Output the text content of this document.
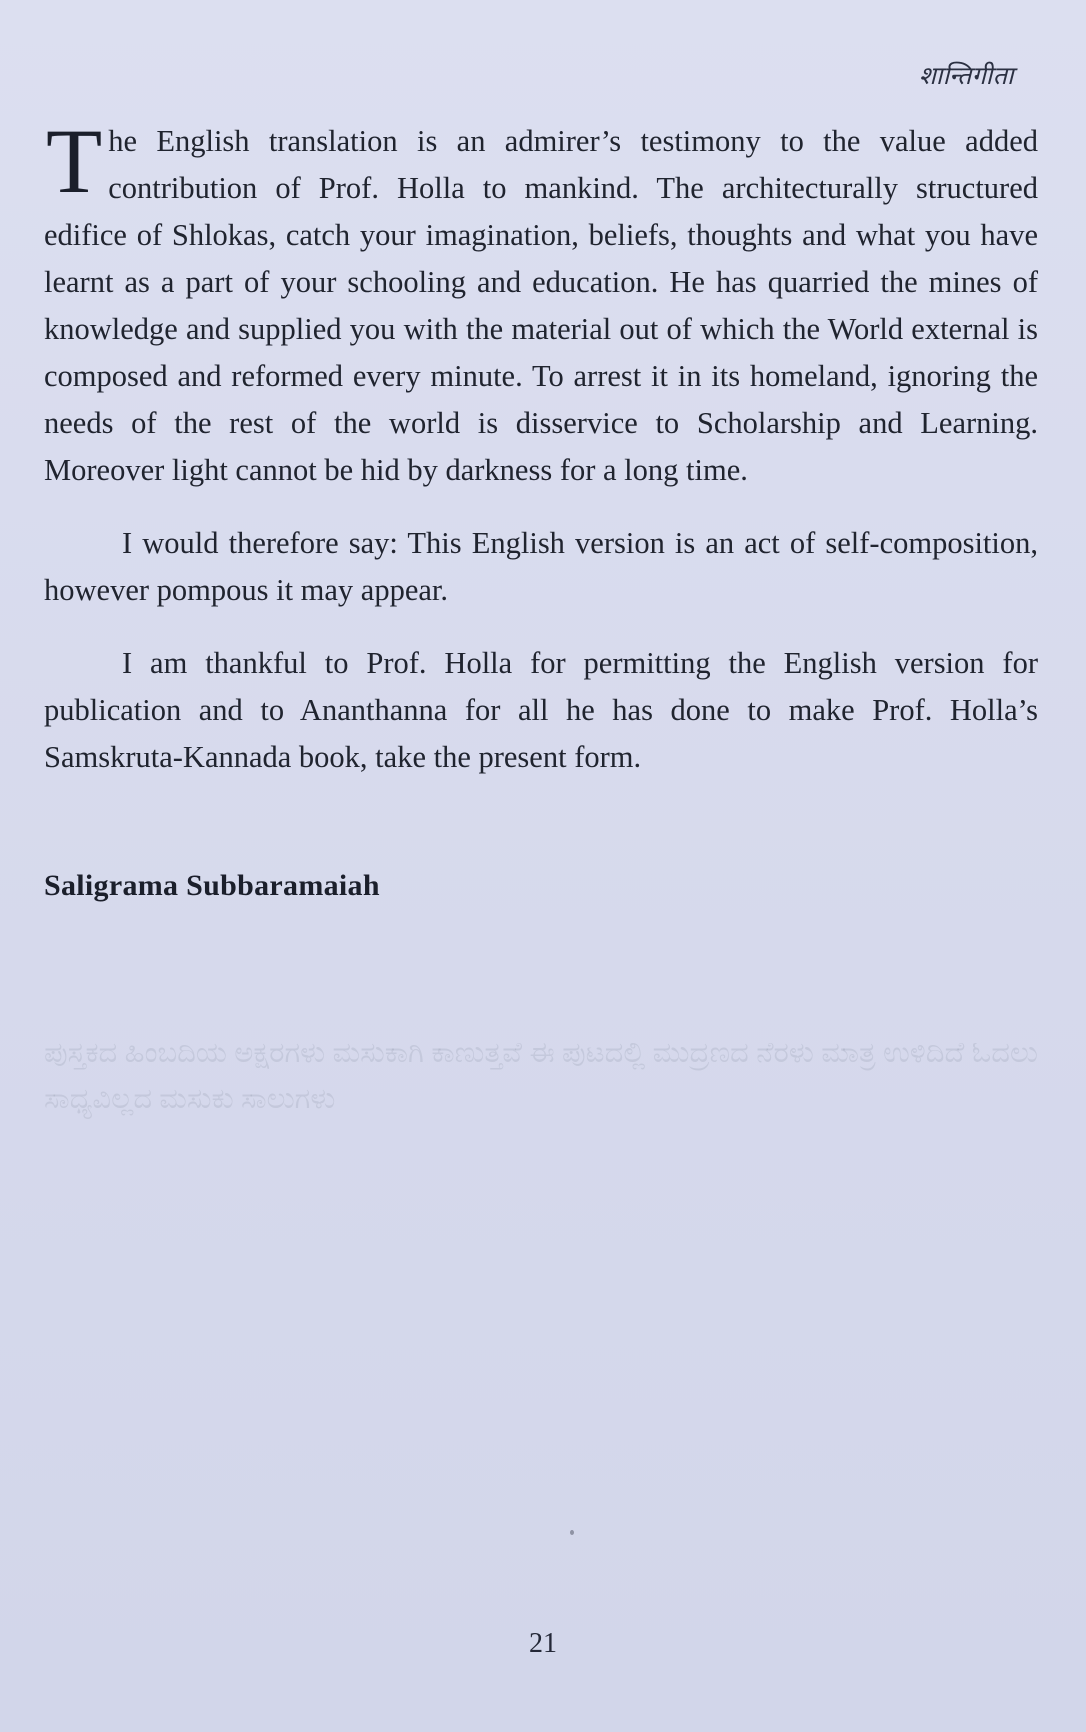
शान्तिगीता

The English translation is an admirer’s testimony to the value added contribution of Prof. Holla to mankind. The architecturally structured edifice of Shlokas, catch your imagination, beliefs, thoughts and what you have learnt as a part of your schooling and education. He has quarried the mines of knowledge and supplied you with the material out of which the World external is composed and reformed every minute. To arrest it in its homeland, ignoring the needs of the rest of the world is disservice to Scholarship and Learning. Moreover light cannot be hid by darkness for a long time.

I would therefore say: This English version is an act of self-composition, however pompous it may appear.

I am thankful to Prof. Holla for permitting the English version for publication and to Ananthanna for all he has done to make Prof. Holla’s Samskruta-Kannada book, take the present form.

Saligrama Subbaramaiah
ಪುಸ್ತಕದ ಹಿಂಬದಿಯ ಅಕ್ಷರಗಳು ಮಸುಕಾಗಿ ಕಾಣುತ್ತವೆ ಈ ಪುಟದಲ್ಲಿ ಮುದ್ರಣದ ನೆರಳು ಮಾತ್ರ ಉಳಿದಿದೆ ಓದಲು ಸಾಧ್ಯವಿಲ್ಲದ ಮಸುಕು ಸಾಲುಗಳು
21
